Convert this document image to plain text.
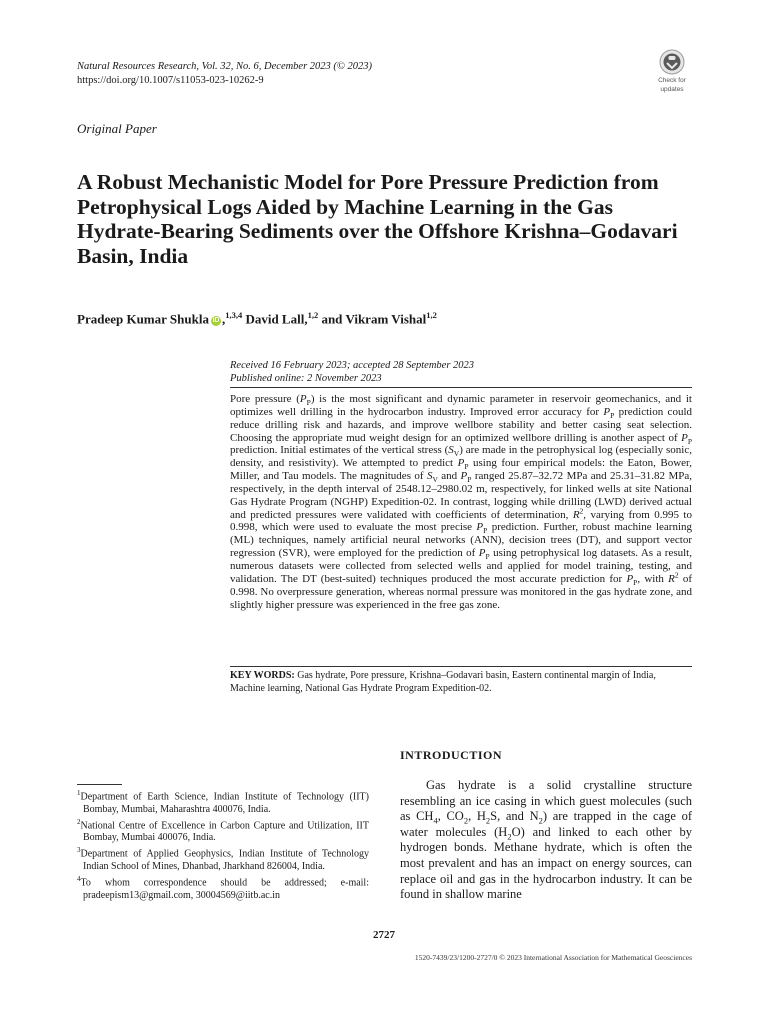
Natural Resources Research, Vol. 32, No. 6, December 2023 (© 2023)
https://doi.org/10.1007/s11053-023-10262-9	Check for
updates
Original Paper
A Robust Mechanistic Model for Pore Pressure Prediction from Petrophysical Logs Aided by Machine Learning in the Gas Hydrate-Bearing Sediments over the Offshore Krishna–Godavari Basin, India
Pradeep Kumar Shukla iD ,$^{1,3,4}$ David Lall,$^{1,2}$ and Vikram Vishal$^{1,2}$
Received 16 February 2023; accepted 28 September 2023
Published online: 2 November 2023

Pore pressure $(P_P)$ is the most significant and dynamic parameter in reservoir geomechanics, and it optimizes well drilling in the hydrocarbon industry. Improved error accuracy for $P_P$ prediction could reduce drilling risk and hazards, and improve wellbore stability and better casing seat selection. Choosing the appropriate mud weight design for an optimized wellbore drilling is another aspect of $P_P$ prediction. Initial estimates of the vertical stress $(S_V)$ are made in the petrophysical log (especially sonic, density, and resistivity). We attempted to predict $P_P$ using four empirical models: the Eaton, Bower, Miller, and Tau models. The magnitudes of $S_V$ and $P_P$ ranged 25.87–32.72 MPa and 25.31–31.82 MPa, respectively, in the depth interval of 2548.12–2980.02 m, respectively, for linked wells at site National Gas Hydrate Program (NGHP) Expedition-02. In contrast, logging while drilling (LWD) derived actual and predicted pressures were validated with coefficients of determination, $R^2$, varying from 0.995 to 0.998, which were used to evaluate the most precise $P_P$ prediction. Further, robust machine learning (ML) techniques, namely artificial neural networks (ANN), decision trees (DT), and support vector regression (SVR), were employed for the prediction of $P_P$ using petrophysical log datasets. As a result, numerous datasets were collected from selected wells and applied for model training, testing, and validation. The DT (best-suited) techniques produced the most accurate prediction for $P_P$, with $R^2$ of 0.998. No overpressure generation, whereas normal pressure was monitored in the gas hydrate zone, and slightly higher pressure was experienced in the free gas zone.

KEY WORDS: Gas hydrate, Pore pressure, Krishna–Godavari basin, Eastern continental margin of India, Machine learning, National Gas Hydrate Program Expedition-02.

INTRODUCTION

Gas hydrate is a solid crystalline structure resembling an ice casing in which guest molecules (such as $CH_4$, $CO_2$, $H_2S$, and $N_2$) are trapped in the cage of water molecules $(H_2O)$ and linked to each other by hydrogen bonds. Methane hydrate, which is often the most prevalent and has an impact on energy sources, can replace oil and gas in the hydrocarbon industry. It can be found in shallow marine

$^1$Department of Earth Science, Indian Institute of Technology (IIT) Bombay, Mumbai, Maharashtra 400076, India.

$^2$National Centre of Excellence in Carbon Capture and Utilization, IIT Bombay, Mumbai 400076, India.

$^3$Department of Applied Geophysics, Indian Institute of Technology Indian School of Mines, Dhanbad, Jharkhand 826004, India.

$^4$To whom correspondence should be addressed; e-mail: pradeepism13@gmail.com, 30004569@iitb.ac.in

2727
1520-7439/23/1200-2727/0 © 2023 International Association for Mathematical Geosciences
